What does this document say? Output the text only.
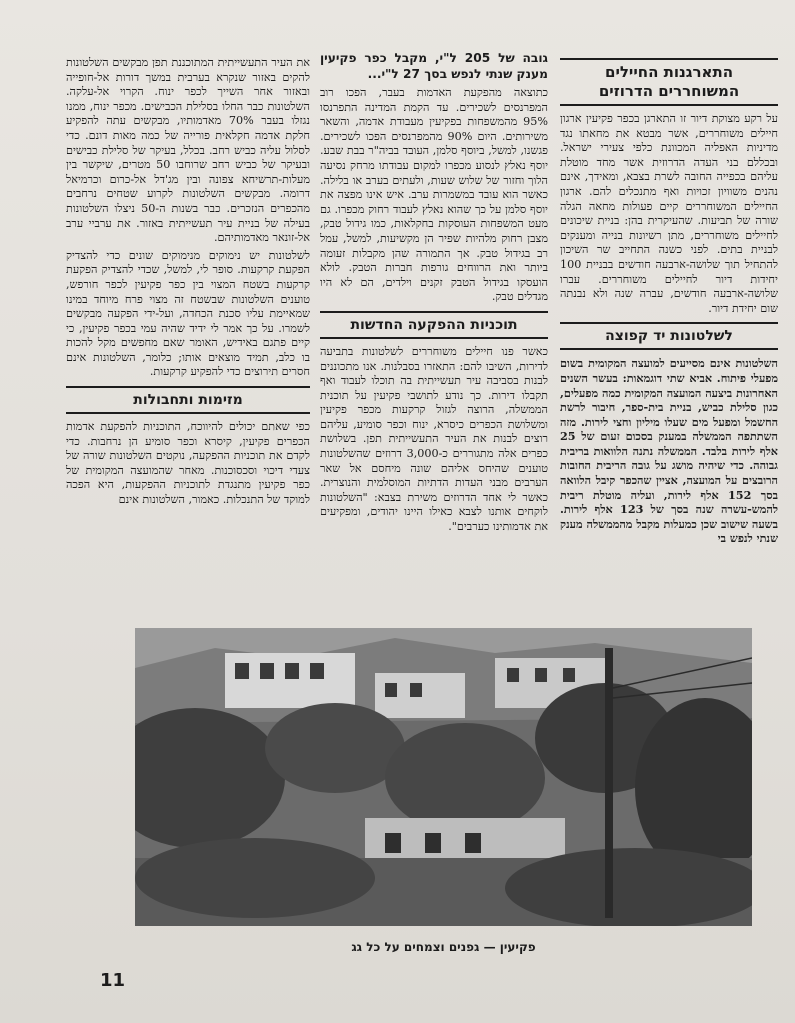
התארגנות החיילים
המשוחררים הדרוזים

על רקע מצוקת דיור זו התארגן בכפר פקיעין ארגון חיילים משוחררים, אשר מבטא את מחאתו נגד מדיניות האפליה המכוונת כלפי צעירי ישראל. ובכללם בני העדה הדרוזית אשר מחד מוטלת עליהם בכפייה החובה לשרת בצבא, ומאידך, אינם נהנים משוויון זכויות ואף מתנכלים להם. ארגון החיילים המשוחררים קיים פעולות מחאה הגלה שורה של תביעות. שהעיקרית בהן: בניית שיכונים לחיילים משוחררים, מתן רשיונות בנייה ומענקים לבניית בתים. לפני כשנה התחייב שר השיכון להתחיל תוך שלושה-ארבעה חודשים בבניית 100 יחידות דיור לחיילים משוחררים. עברו שלושה-ארבעה חודשים, עברה שנה ולא נבנתה שום יחידת דיור.

לשלטונות יד קפוצה

השלטונות אינם מסייעים למועצה המקומית בשום מפעלי פיתוח. אביא שתי דוגמאות: בעשר השנים האחרונות ביצעה המועצה המקומית כמה מפעלים, כגון סלילת כביש, בניית בית-ספר, חיבור לרשת החשמל ומפעל מים שעלו מיליון וחצי לירות. מזה השתתפה הממשלה במענק בסכום זעום של 25 אלף לירות בלבד. הממשלה נתנה הלוואות בריבית גבוהה. כדי שיהיה מושג על גובה הריבית החובות הרובצים על המועצה, אציין שהכפר קיבל הלוואה בסך 152 אלף לירות, ועליה מוטלת ריבית להמש-עשרה שנה בסך של 123 אלף לירות. בשעה שישוב שכן כמעלות מקבל מהממשלה מענק שנתי לנפש בי

גובה של 205 ל"י, מקבל כפר פקיעין מענק שנתי לנפש בסך 27 ל"י...

כתוצאה מהפקעת האדמות בעבר, הפכו רוב המפרנסים לשכירים. עד הקמת המדינה התפרנסו 95% מהמשפחות בפקיעין מעבודת אדמה, והשאר משירותים. היום 90% מהמפרנסים הפכו לשכירים. פגשנו, למשל, ביוסף סלמן, העובד בביה"ר בבת שבע. יוסף נאלץ לנסוע מכפרו למקום עבודתו מרחק נסיעה הלוך וחזור של שלוש שעות, ולעתים בערב או בלילה. כאשר הוא עובד במשמרות ערב. איש אינו מפצה את יוסף סלמן על כך שהוא נאלץ לעבוד רחוק מכפרו. גם מעט המשפחות העוסקות בחקלאות, כמו גידול טבק, מצבן רחוק מלהיות שפיר הן מקשיעות, למשל, עמל רב בגידול טבק. אך התמורה שהן מקבלות זעומה ביותר ואת הרווחים גורפות חברות הטבק. לולא הועסקו בגידול הטבק זקנים וילדים, הם לא היו מגדלים טבק.

תוכניות ההפקעה החדשות

כאשר פנו חיילים משוחררים לשלטונות בתביעה לדירות, השיבו להם: התאזרו בסבלנות. אנו מתכוננים לבנות בסביבה עיר תעשייתית בה תוכלו לעבוד ואף תקבלו דירות. כך נודע לתושבי פקיעין על תוכנית הממשלה, הרוצה לגזול קרקעות מכפר פקיעין ומשלושת הכפרים כיסרא, ינוח וכפר סומיע, עליהם רוצים לבנות את העיר התעשייתית תפן. בשלושת כפרים אלה מתגוררים כ-3,000 דרוזים שהשלטונות טוענים שהיחס אליהם שונה מיחסם אל שאר הערבים מבני העדות הדתיות המוסלמית והנוצרית. כאשר לי אחד הדרוזים משירת בצבא: "השלטונות לוקחים אותנו לצבא כאילו היינו יהודים, ומפקיעים את אדמותינו כערבים".

את העיר התעשייתית המתוכננת תפן מבקשים השלטונות להקים באזור שנקרא בערבית במשך דורות אל-חופייה ובאזור אחר השייך לכפר ינוח. הקרוי אל-עלקה. השלטונות כבר החלו בסלילת הכבישים. מכפר ינוח, ממנו נגזלו בעבר 70% מאדמותיו, מבקשים עתה להפקיע חלקת אדמה חקלאית פורייה של כמה מאות דונם. כדי לסלול עליה כביש רחב. בכלל, בעיקר של סלילת כבישים ובעיקר של כביש רחב שרוחבו 50 מטרים, שיקשר בין מעלות-תרשיחא צפונה ובין מג'דל אל-כרום וכרמיאל דרומה. מבקשים השלטונות לקרוע שטחים נרחבים מהכפרים הנזכרים. כבר בשנות ה-50 ניצלו השלטונות בעילה של בניית עיר תעשייתית באזור. את ערביי ערב אל-זונאר מאדמותיהם.

לשלטונות יש נימוקים מנימוקים שונים כדי להצדיק הפקעת קרקעות. סופר לי, למשל, שכדי להצדיק הפקעת קרקעות בשטח המצוי בין כפר פקיעין לכפר חורפש, טוענים השלטונות שבשטח זה מצוי פרח מיוחד במינו שמאיימת עליו סכנת הכחדה, ועל-ידי הפקעה מבקשים לשמרו. על כך אמר לי ידיד שהיה עמי בכפר פקיעין, כי קיים פתגם באידיש, האומר שאם מחפשים מקל להכות בו כלב, תמיד מוצאים אותו; כלומר, השלטונות אינם חסרים תירוצים כדי להפקיע קרקעות.

מזימות ותחבולות

כפי שאתם יכולים להיווכח, התוכניות להפקעת אדמות הכפרים פקיעין, קיסרא וכפר סומיע הן נרחבות. כדי לקדם את תוכניות ההפקעה, נוקטים השלטונות שורה של צעדי דיכוי וסכסוכנות. מאחר שהמועצה המקומית של כפר פקיעין מתנגדת לתוכניות ההפקעות, היא הפכה למוקד של התנכלות. כאמור, השלטונות אינם

פקיעין — גפנים וצמחים על כל גג
11
